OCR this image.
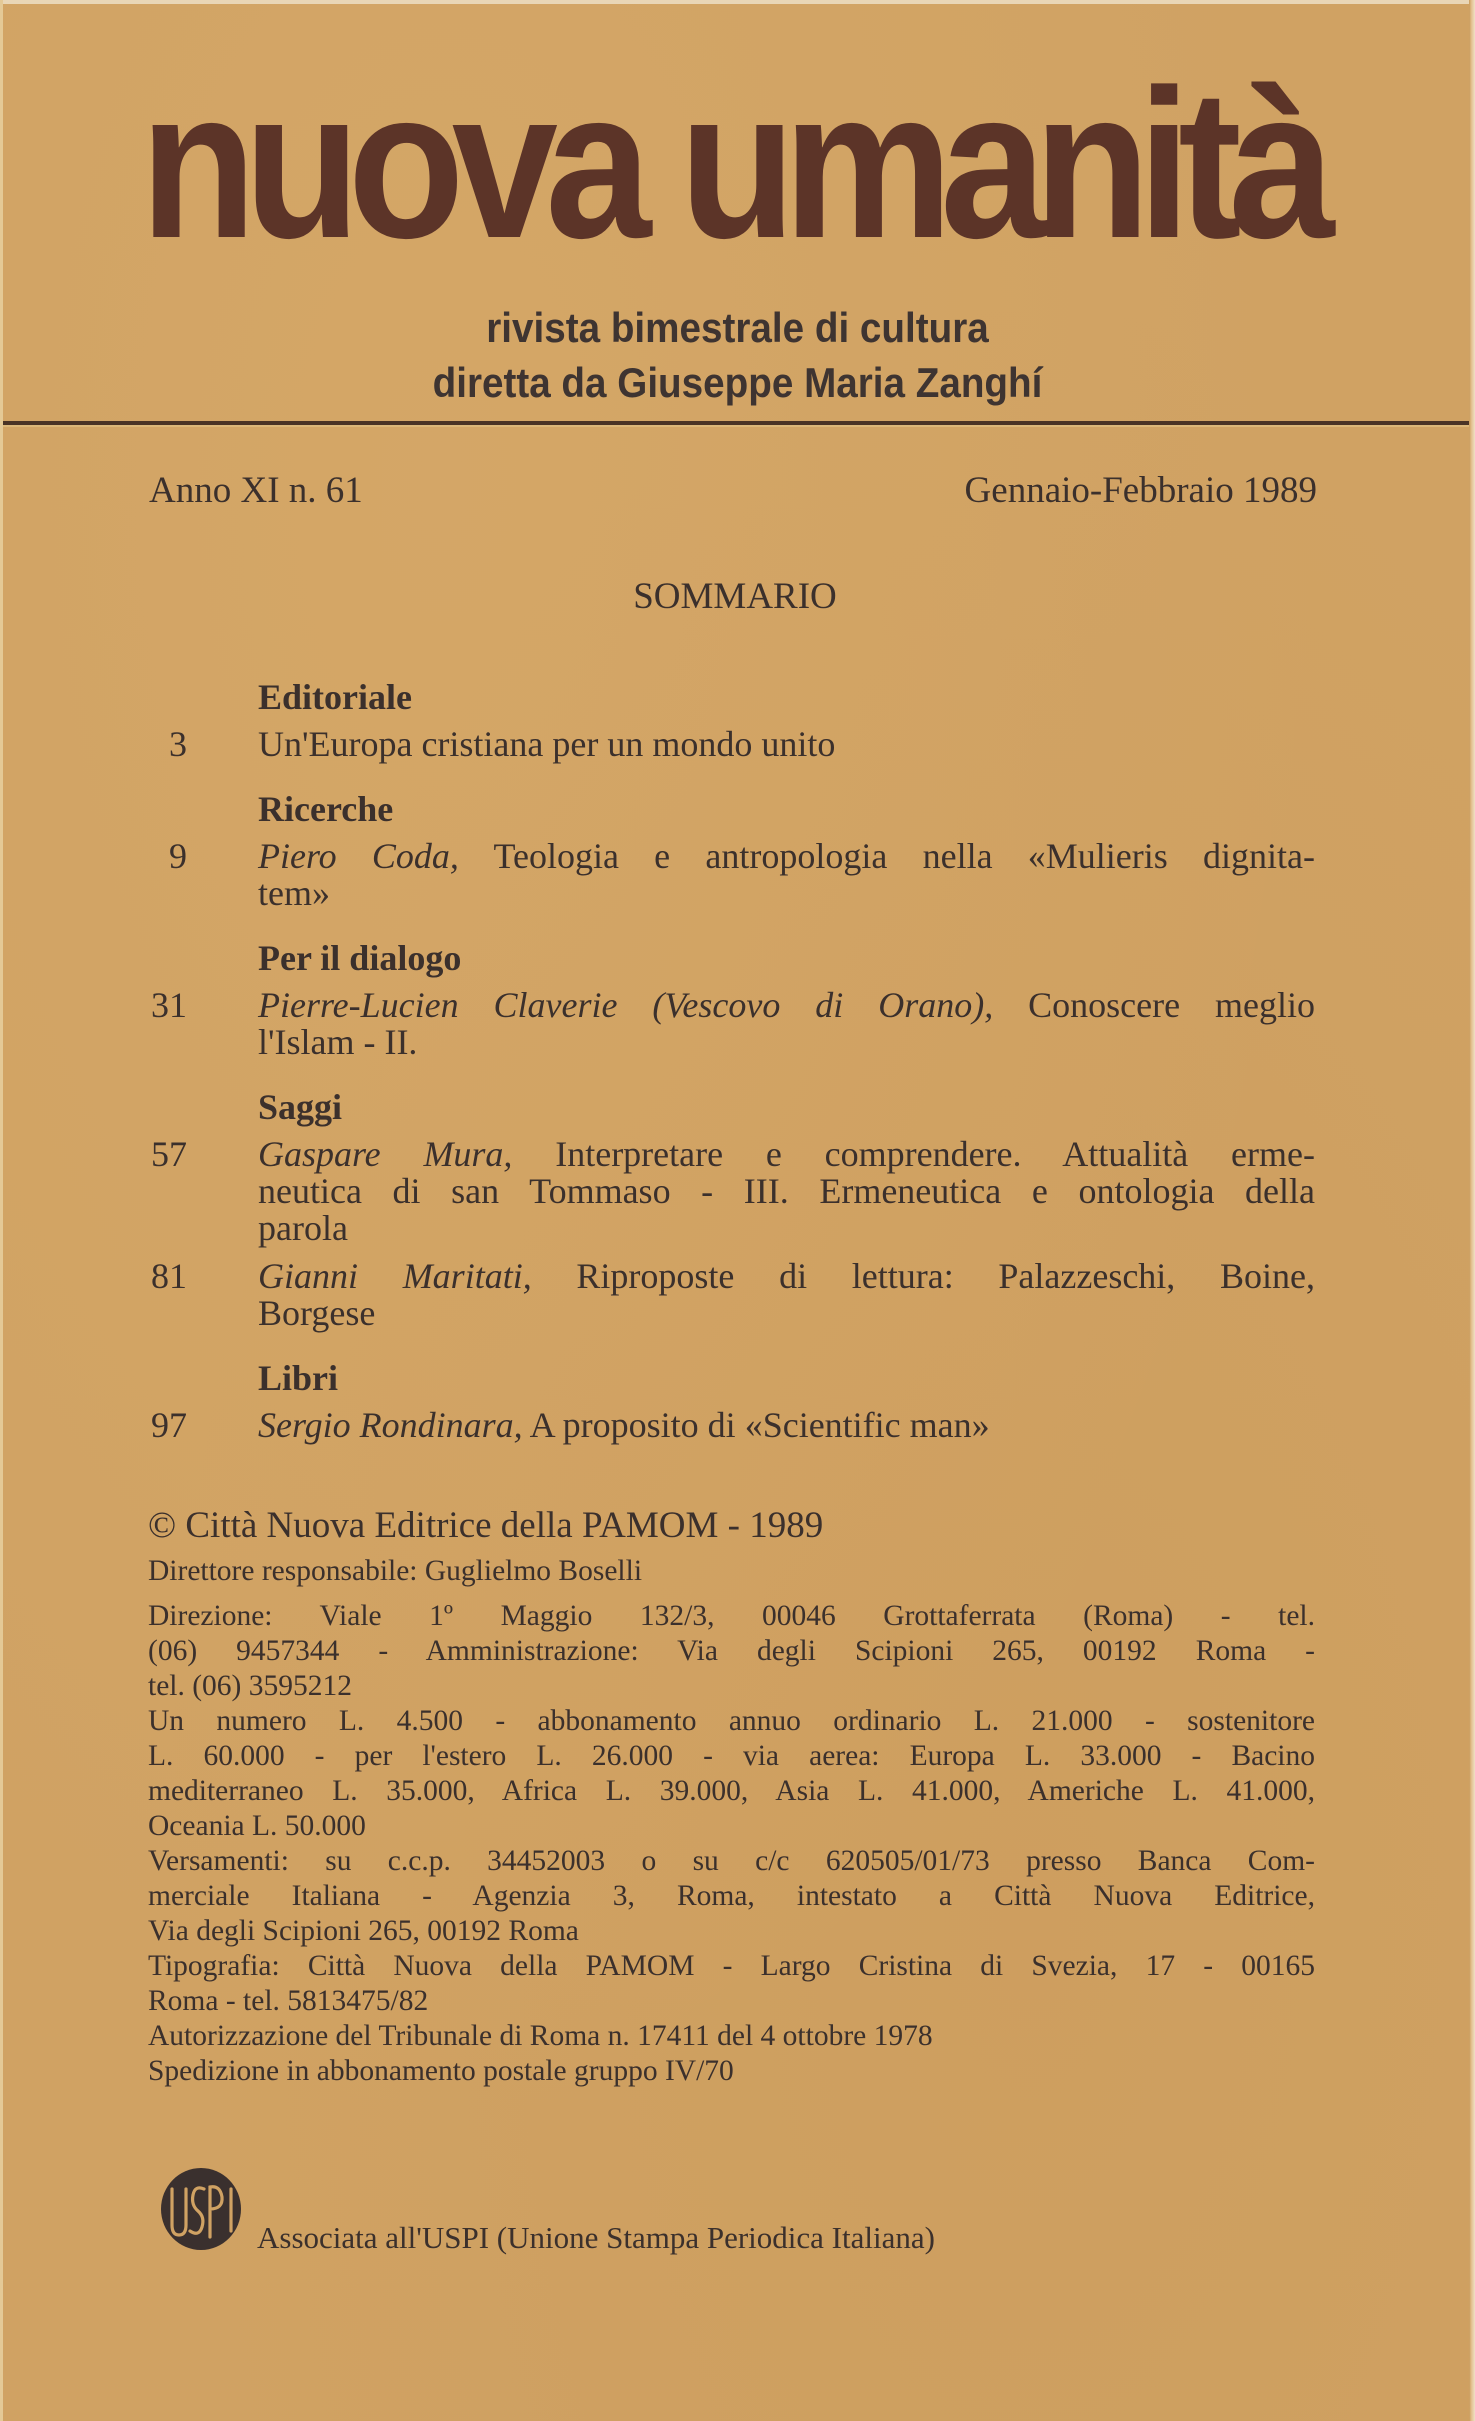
nuova umanità
rivista bimestrale di cultura
diretta da Giuseppe Maria Zanghí
Anno XI n. 61	Gennaio-Febbraio 1989
SOMMARIO
Editoriale
3 Un'Europa cristiana per un mondo unito
Ricerche
9 Piero Coda, Teologia e antropologia nella «Mulieris dignita-
tem»
Per il dialogo
31 Pierre-Lucien Claverie (Vescovo di Orano), Conoscere meglio
l'Islam - II.
Saggi
57 Gaspare Mura, Interpretare e comprendere. Attualità erme-
neutica di san Tommaso - III. Ermeneutica e ontologia della
parola
81 Gianni Maritati, Riproposte di lettura: Palazzeschi, Boine,
Borgese
Libri
97 Sergio Rondinara, A proposito di «Scientific man»
© Città Nuova Editrice della PAMOM - 1989
Direttore responsabile: Guglielmo Boselli
Direzione: Viale 1º Maggio 132/3, 00046 Grottaferrata (Roma) - tel.
(06) 9457344 - Amministrazione: Via degli Scipioni 265, 00192 Roma -
tel. (06) 3595212
Un numero L. 4.500 - abbonamento annuo ordinario L. 21.000 - sostenitore
L. 60.000 - per l'estero L. 26.000 - via aerea: Europa L. 33.000 - Bacino
mediterraneo L. 35.000, Africa L. 39.000, Asia L. 41.000, Americhe L. 41.000,
Oceania L. 50.000
Versamenti: su c.c.p. 34452003 o su c/c 620505/01/73 presso Banca Com-
merciale Italiana - Agenzia 3, Roma, intestato a Città Nuova Editrice,
Via degli Scipioni 265, 00192 Roma
Tipografia: Città Nuova della PAMOM - Largo Cristina di Svezia, 17 - 00165
Roma - tel. 5813475/82
Autorizzazione del Tribunale di Roma n. 17411 del 4 ottobre 1978
Spedizione in abbonamento postale gruppo IV/70
Associata all'USPI (Unione Stampa Periodica Italiana)
